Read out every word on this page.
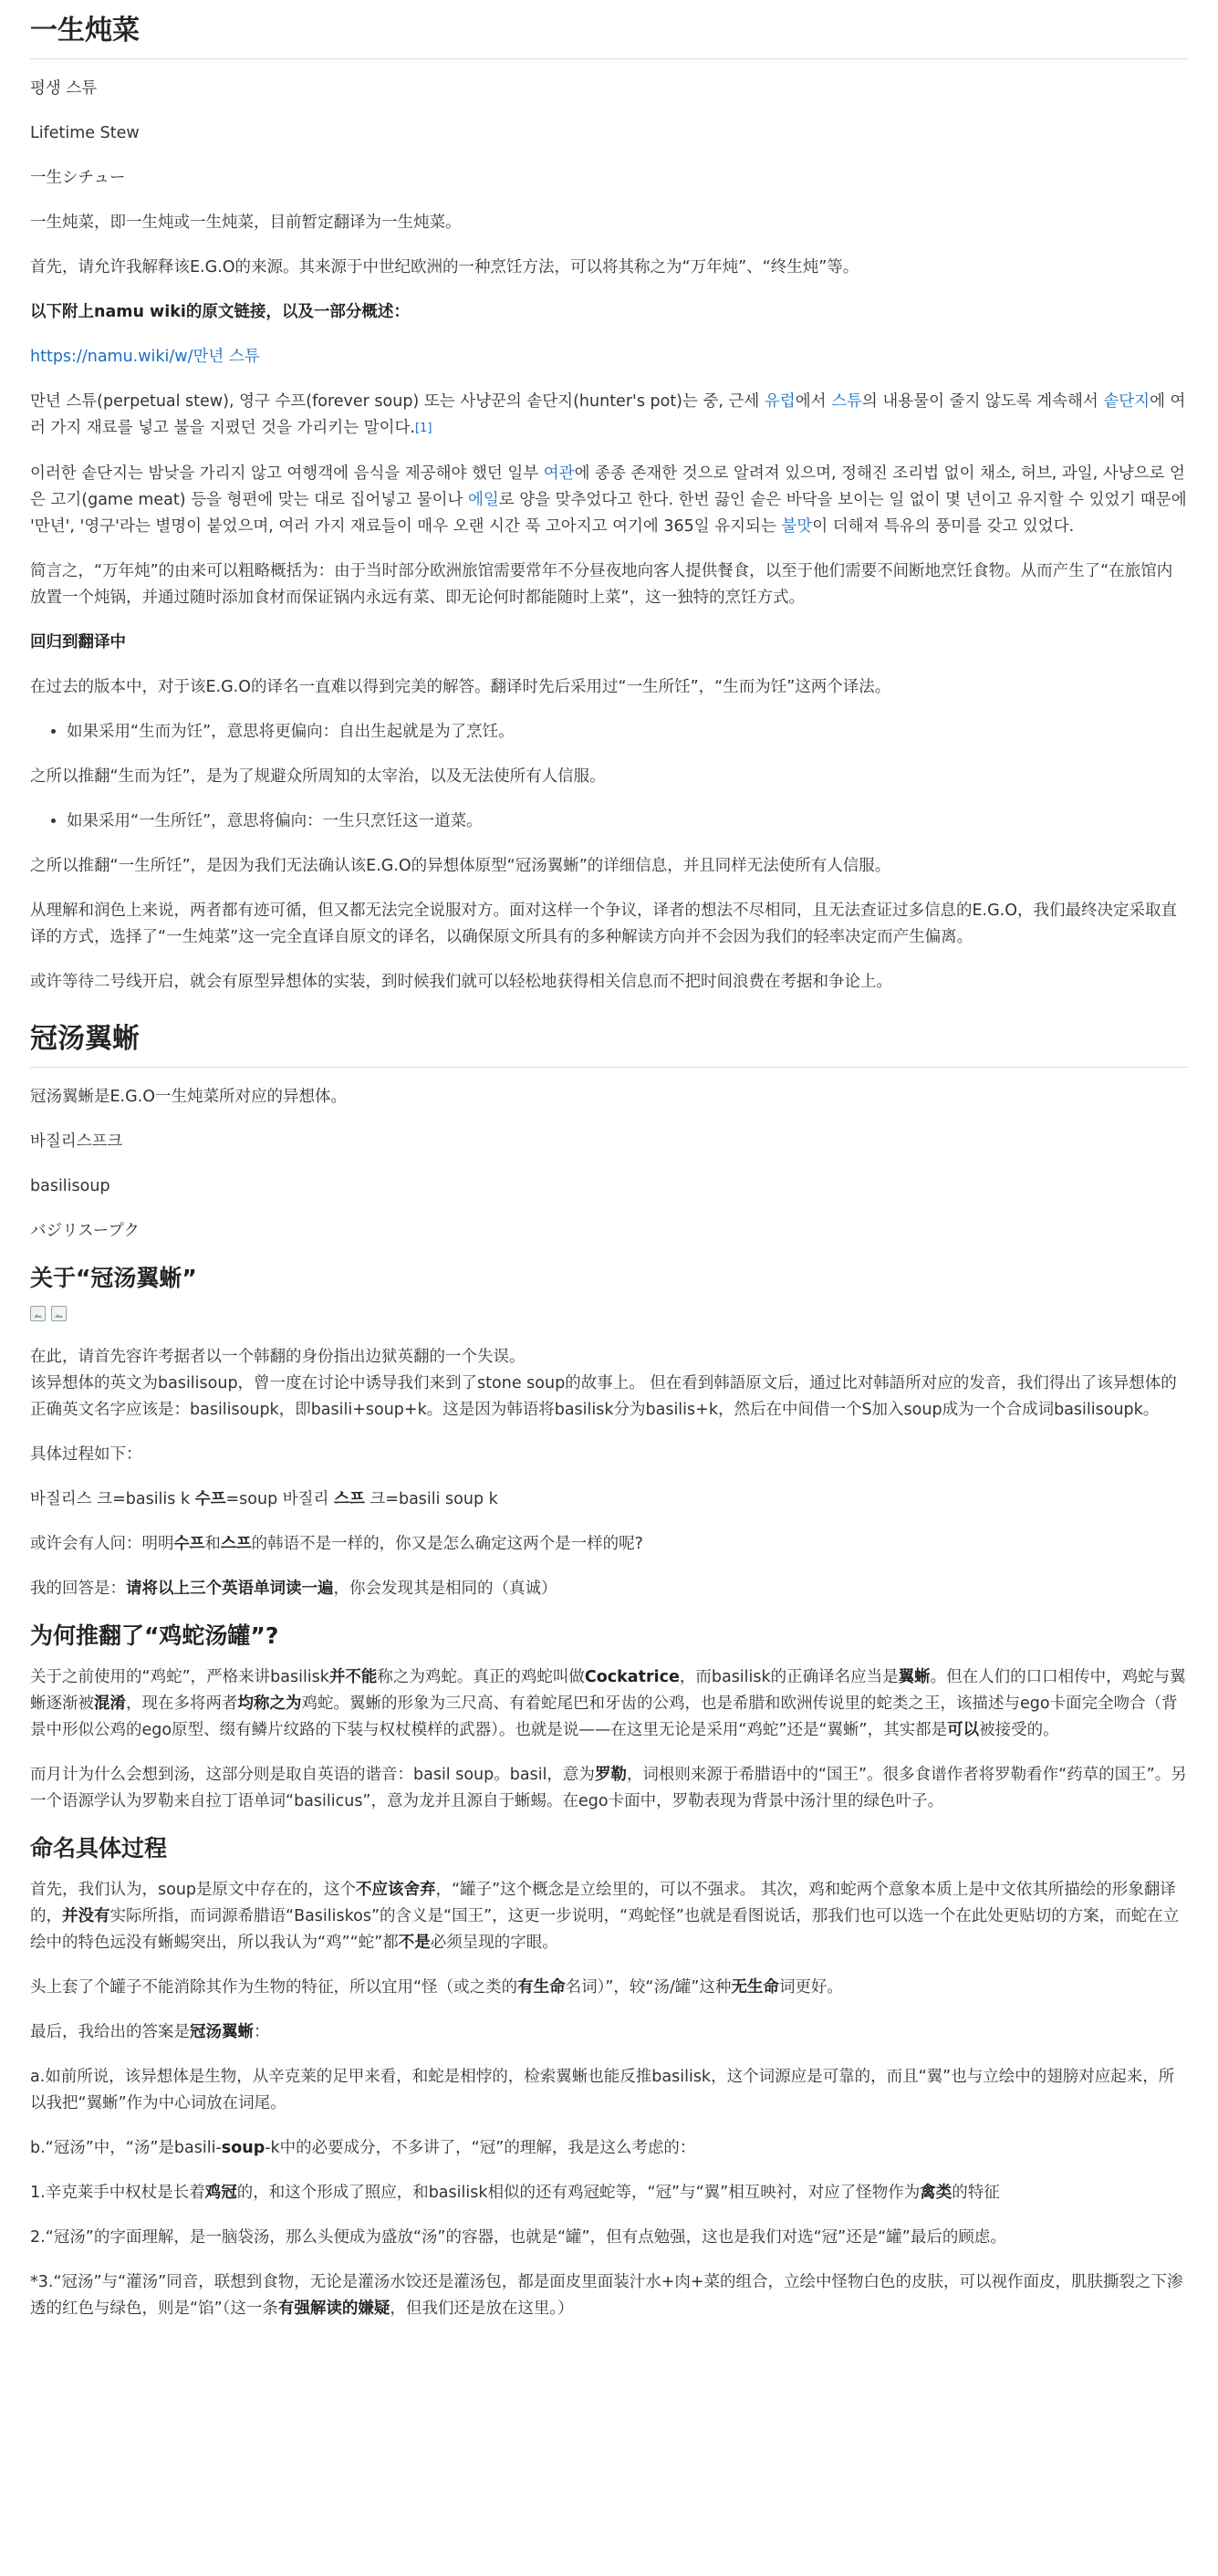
一生炖菜

평생 스튜

Lifetime Stew

一生シチュー

一生炖菜，即一生炖或一生炖菜，目前暂定翻译为一生炖菜。

首先，请允许我解释该E.G.O的来源。其来源于中世纪欧洲的一种烹饪方法，可以将其称之为“万年炖”、“终生炖”等。

以下附上namu wiki的原文链接，以及一部分概述：

https://namu.wiki/w/만년 스튜

만년 스튜(perpetual stew), 영구 수프(forever soup) 또는 사냥꾼의 솥단지(hunter's pot)는 중, 근세 유럽에서 스튜의 내용물이 줄지 않도록 계속해서 솥단지에 여러 가지 재료를 넣고 불을 지폈던 것을 가리키는 말이다.[1]

이러한 솥단지는 밤낮을 가리지 않고 여행객에 음식을 제공해야 했던 일부 여관에 종종 존재한 것으로 알려져 있으며, 정해진 조리법 없이 채소, 허브, 과일, 사냥으로 얻은 고기(game meat) 등을 형편에 맞는 대로 집어넣고 물이나 에일로 양을 맞추었다고 한다. 한번 끓인 솥은 바닥을 보이는 일 없이 몇 년이고 유지할 수 있었기 때문에 '만년', '영구'라는 별명이 붙었으며, 여러 가지 재료들이 매우 오랜 시간 푹 고아지고 여기에 365일 유지되는 불맛이 더해져 특유의 풍미를 갖고 있었다.

简言之，“万年炖”的由来可以粗略概括为：由于当时部分欧洲旅馆需要常年不分昼夜地向客人提供餐食，以至于他们需要不间断地烹饪食物。从而产生了“在旅馆内放置一个炖锅，并通过随时添加食材而保证锅内永远有菜、即无论何时都能随时上菜”，这一独特的烹饪方式。

回归到翻译中

在过去的版本中，对于该E.G.O的译名一直难以得到完美的解答。翻译时先后采用过“一生所饪”，“生而为饪”这两个译法。

• 如果采用“生而为饪”，意思将更偏向：自出生起就是为了烹饪。

之所以推翻“生而为饪”，是为了规避众所周知的太宰治，以及无法使所有人信服。

• 如果采用“一生所饪”，意思将偏向：一生只烹饪这一道菜。

之所以推翻“一生所饪”，是因为我们无法确认该E.G.O的异想体原型“冠汤翼蜥”的详细信息，并且同样无法使所有人信服。

从理解和润色上来说，两者都有迹可循，但又都无法完全说服对方。面对这样一个争议，译者的想法不尽相同，且无法查证过多信息的E.G.O，我们最终决定采取直译的方式，选择了“一生炖菜”这一完全直译自原文的译名，以确保原文所具有的多种解读方向并不会因为我们的轻率决定而产生偏离。

或许等待二号线开启，就会有原型异想体的实装，到时候我们就可以轻松地获得相关信息而不把时间浪费在考据和争论上。

冠汤翼蜥

冠汤翼蜥是E.G.O一生炖菜所对应的异想体。

바질리스프크

basilisoup

バジリスープク

关于“冠汤翼蜥”

在此，请首先容许考据者以一个韩翻的身份指出边狱英翻的一个失误。
该异想体的英文为basilisoup，曾一度在讨论中诱导我们来到了stone soup的故事上。 但在看到韩語原文后，通过比对韩語所对应的发音，我们得出了该异想体的正确英文名字应该是：basilisoupk，即basili+soup+k。这是因为韩语将basilisk分为basilis+k，然后在中间借一个S加入soup成为一个合成词basilisoupk。

具体过程如下：

바질리스 크=basilis k 수프=soup 바질리 스프 크=basili soup k

或许会有人问：明明수프和스프的韩语不是一样的，你又是怎么确定这两个是一样的呢?

我的回答是：请将以上三个英语单词读一遍，你会发现其是相同的（真诚）

为何推翻了“鸡蛇汤罐”?

关于之前使用的“鸡蛇”，严格来讲basilisk并不能称之为鸡蛇。真正的鸡蛇叫做Cockatrice，而basilisk的正确译名应当是翼蜥。但在人们的口口相传中，鸡蛇与翼蜥逐渐被混淆，现在多将两者均称之为鸡蛇。翼蜥的形象为三尺高、有着蛇尾巴和牙齿的公鸡，也是希腊和欧洲传说里的蛇类之王，该描述与ego卡面完全吻合（背景中形似公鸡的ego原型、缀有鳞片纹路的下装与权杖模样的武器）。也就是说——在这里无论是采用“鸡蛇”还是“翼蜥”，其实都是可以被接受的。

而月计为什么会想到汤，这部分则是取自英语的谐音：basil soup。basil，意为罗勒，词根则来源于希腊语中的“国王”。很多食谱作者将罗勒看作“药草的国王”。另一个语源学认为罗勒来自拉丁语单词“basilicus”，意为龙并且源自于蜥蜴。在ego卡面中，罗勒表现为背景中汤汁里的绿色叶子。

命名具体过程

首先，我们认为，soup是原文中存在的，这个不应该舍弃，“罐子”这个概念是立绘里的，可以不强求。 其次，鸡和蛇两个意象本质上是中文依其所描绘的形象翻译的，并没有实际所指，而词源希腊语“Basiliskos”的含义是“国王”，这更一步说明，“鸡蛇怪”也就是看图说话，那我们也可以选一个在此处更贴切的方案，而蛇在立绘中的特色远没有蜥蜴突出，所以我认为“鸡”“蛇”都不是必须呈现的字眼。

头上套了个罐子不能消除其作为生物的特征，所以宜用“怪（或之类的有生命名词）”，较“汤/罐”这种无生命词更好。

最后，我给出的答案是冠汤翼蜥：

a.如前所说，该异想体是生物，从辛克莱的足甲来看，和蛇是相悖的，检索翼蜥也能反推basilisk，这个词源应是可靠的，而且“翼”也与立绘中的翅膀对应起来，所以我把“翼蜥”作为中心词放在词尾。

b.“冠汤”中，“汤”是basili-soup-k中的必要成分，不多讲了，“冠”的理解，我是这么考虑的：

1.辛克莱手中权杖是长着鸡冠的，和这个形成了照应，和basilisk相似的还有鸡冠蛇等，“冠”与“翼”相互映衬，对应了怪物作为禽类的特征

2.“冠汤”的字面理解，是一脑袋汤，那么头便成为盛放“汤”的容器，也就是“罐”，但有点勉强，这也是我们对选“冠”还是“罐”最后的顾虑。

*3.“冠汤”与“灌汤”同音，联想到食物，无论是灌汤水饺还是灌汤包，都是面皮里面装汁水+肉+菜的组合，立绘中怪物白色的皮肤，可以视作面皮，肌肤撕裂之下渗透的红色与绿色，则是“馅”（这一条有强解读的嫌疑，但我们还是放在这里。）
